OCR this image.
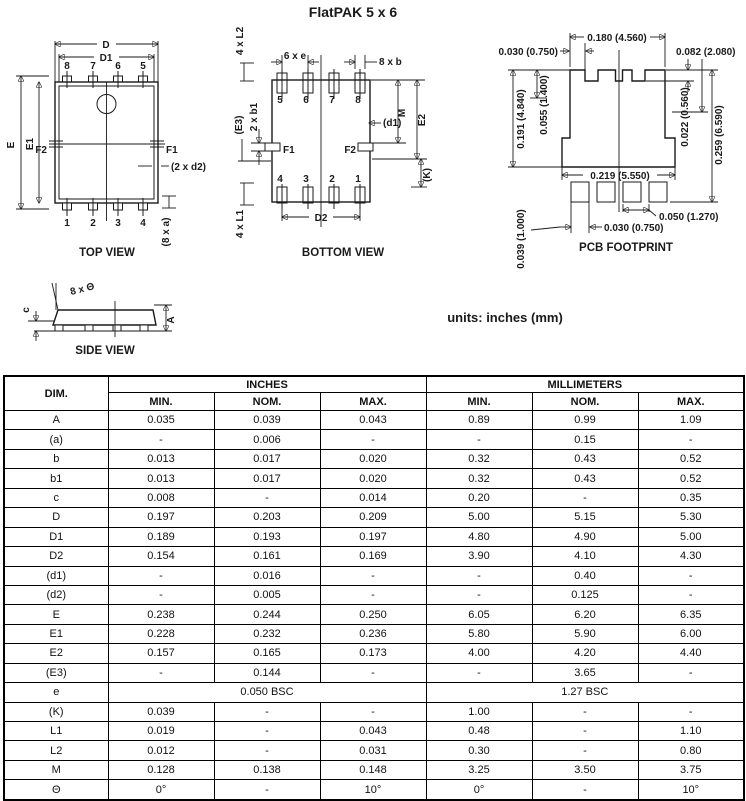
FlatPAK 5 x 6
D
D1
8 7 6 5
E E1
F2	F1
(2 x d2)
1 2 3 4 (8 x a)
TOP VIEW
4 x L2
6 x e
8 x b
5 6 7 8
2 x b1
(E3)
M
E2
(d1)
F1	F2
(K)
4 3 2 1
D2
4 x L1
BOTTOM VIEW
0.180 (4.560)
0.030 (0.750)	0.082 (2.080)
0.191 (4.840) 0.055 (1.400)	0.022 (0.560) 0.259 (6.590)
0.219 (5.550)
0.050 (1.270)
0.030 (0.750)
0.039 (1.000)	PCB FOOTPRINT
8 x Θ
c
A
SIDE VIEW
units: inches (mm)
DIM.	INCHES			MILLIMETERS		
	MIN.	NOM.	MAX.	MIN.	NOM.	MAX.
A	0.035	0.039	0.043	0.89	0.99	1.09
(a)	-	0.006	-	-	0.15	-
b	0.013	0.017	0.020	0.32	0.43	0.52
b1	0.013	0.017	0.020	0.32	0.43	0.52
c	0.008	-	0.014	0.20	-	0.35
D	0.197	0.203	0.209	5.00	5.15	5.30
D1	0.189	0.193	0.197	4.80	4.90	5.00
D2	0.154	0.161	0.169	3.90	4.10	4.30
(d1)	-	0.016	-	-	0.40	-
(d2)	-	0.005	-	-	0.125	-
E	0.238	0.244	0.250	6.05	6.20	6.35
E1	0.228	0.232	0.236	5.80	5.90	6.00
E2	0.157	0.165	0.173	4.00	4.20	4.40
(E3)	-	0.144	-	-	3.65	-
e	0.050 BSC			1.27 BSC		
(K)	0.039	-	-	1.00	-	-
L1	0.019	-	0.043	0.48	-	1.10
L2	0.012	-	0.031	0.30	-	0.80
M	0.128	0.138	0.148	3.25	3.50	3.75
Θ	0°	-	10°	0°	-	10°
